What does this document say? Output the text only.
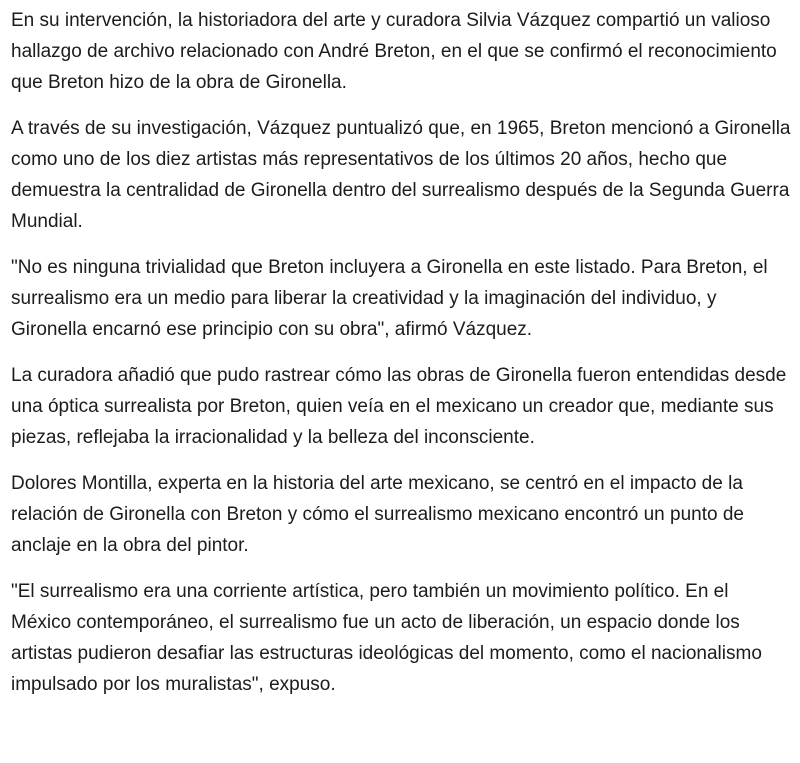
En su intervención, la historiadora del arte y curadora Silvia Vázquez compartió un valioso hallazgo de archivo relacionado con André Breton, en el que se confirmó el reconocimiento que Breton hizo de la obra de Gironella.

A través de su investigación, Vázquez puntualizó que, en 1965, Breton mencionó a Gironella como uno de los diez artistas más representativos de los últimos 20 años, hecho que demuestra la centralidad de Gironella dentro del surrealismo después de la Segunda Guerra Mundial.

"No es ninguna trivialidad que Breton incluyera a Gironella en este listado. Para Breton, el surrealismo era un medio para liberar la creatividad y la imaginación del individuo, y Gironella encarnó ese principio con su obra", afirmó Vázquez.

La curadora añadió que pudo rastrear cómo las obras de Gironella fueron entendidas desde una óptica surrealista por Breton, quien veía en el mexicano un creador que, mediante sus piezas, reflejaba la irracionalidad y la belleza del inconsciente.

Dolores Montilla, experta en la historia del arte mexicano, se centró en el impacto de la relación de Gironella con Breton y cómo el surrealismo mexicano encontró un punto de anclaje en la obra del pintor.

"El surrealismo era una corriente artística, pero también un movimiento político. En el México contemporáneo, el surrealismo fue un acto de liberación, un espacio donde los artistas pudieron desafiar las estructuras ideológicas del momento, como el nacionalismo impulsado por los muralistas", expuso.
